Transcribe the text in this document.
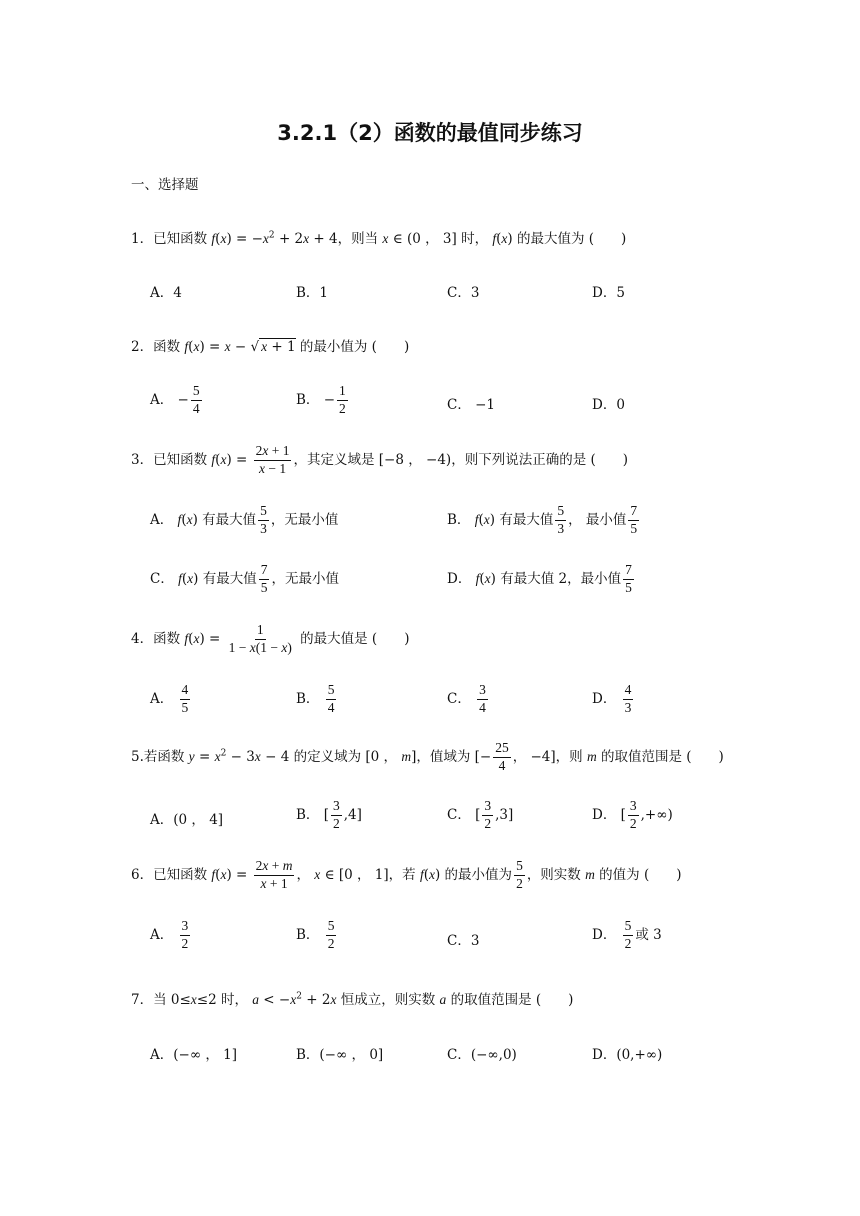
3.2.1（2）函数的最值同步练习
一、选择题
1．已知函数 $f(x) = -x^2 + 2x + 4$，则当 x ∈ (0 ， 3] 时， f(x) 的最大值为 (　　)
A．4	B．1	C．3	D．5
2．函数 f(x) = x − √ x + 1 的最小值为 (　　)
A． − $\frac{5}{4}$	B． − $\frac{1}{2}$	C． −1	D．0
3．已知函数 $f(x) = \frac{2x + 1}{x - 1}$ ，其定义域是 [−8 ， −4)，则下列说法正确的是 (　　)
A． f(x) 有最大值 $\frac{5}{3}$ ，无最小值	B． f(x) 有最大值 $\frac{5}{3}$ ， 最小值 $\frac{7}{5}$
C． f(x) 有最大值 $\frac{7}{5}$ ，无最小值	D． f(x) 有最大值 2，最小值 $\frac{7}{5}$
4．函数 $f(x) = \frac{1}{1 - x(1 - x)}$ 的最大值是 (　　)
A． $\frac{4}{5}$	B． $\frac{5}{4}$	C． $\frac{3}{4}$	D． $\frac{4}{3}$
5.若函数 $y = x^2 - 3x - 4$ 的定义域为 [0 ， m]，值域为 [− $\frac{25}{4}$ ， −4]，则 m 的取值范围是 (　　)
A．(0 ， 4]	B． [ $\frac{3}{2} ,4$]	C． [ $\frac{3}{2} ,3$]	D． [ $\frac{3}{2}$ ,+∞)
6．已知函数 $f(x) = \frac{2x + m}{x + 1}$ ， x ∈ [0 ， 1]，若 f(x) 的最小值为 $\frac{5}{2}$ ，则实数 m 的值为 (　　)
A． $\frac{3}{2}$	B． $\frac{5}{2}$	C．3	D． $\frac{5}{2}$ 或 3
7．当 0≤x≤2 时， $a < -x^2 + 2x$ 恒成立，则实数 a 的取值范围是 (　　)
A．(−∞ ， 1]	B．(−∞ ， 0]	C．(−∞,0)	D．(0,+∞)
